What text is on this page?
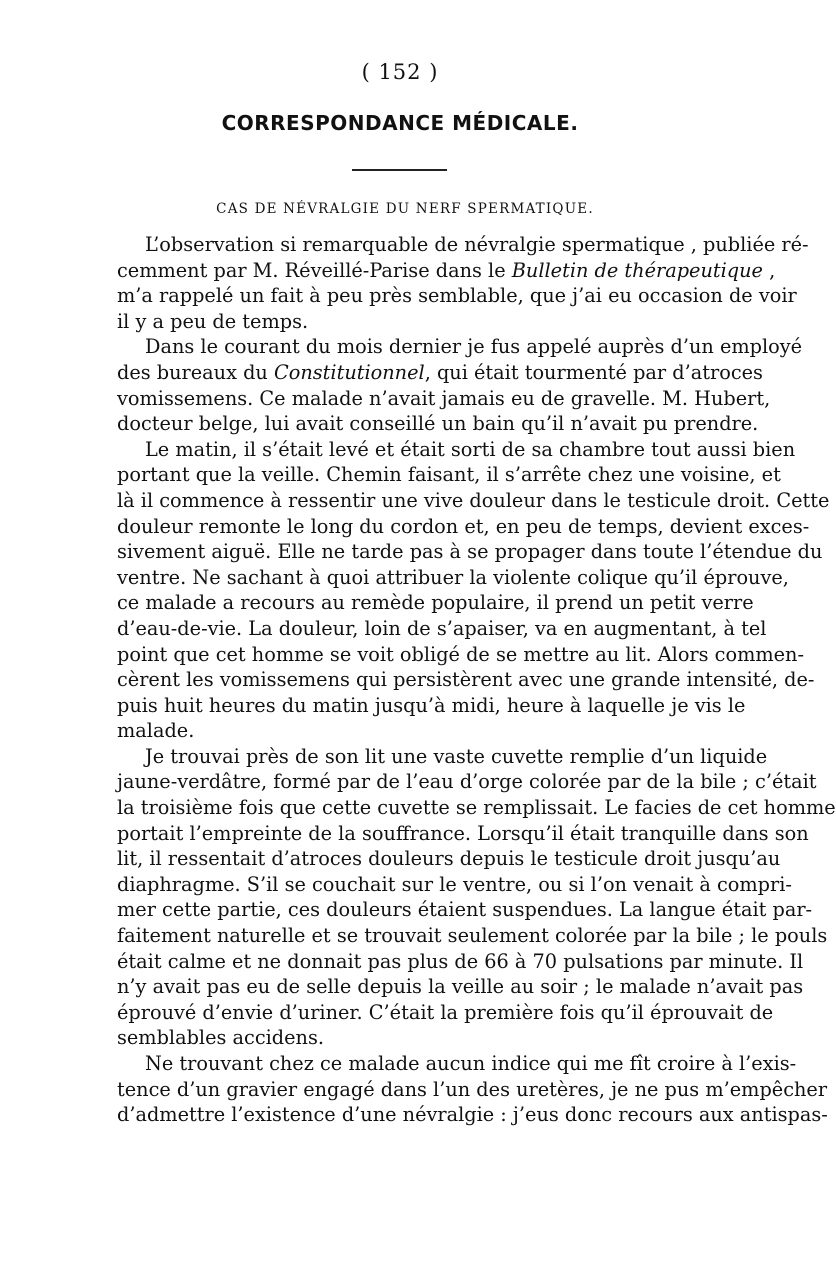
( 152 )
CORRESPONDANCE MÉDICALE.
CAS DE NÉVRALGIE DU NERF SPERMATIQUE.
L’observation si remarquable de névralgie spermatique , publiée ré-
cemment par M. Réveillé-Parise dans le Bulletin de thérapeutique ,
m’a rappelé un fait à peu près semblable, que j’ai eu occasion de voir
il y a peu de temps.
Dans le courant du mois dernier je fus appelé auprès d’un employé
des bureaux du Constitutionnel, qui était tourmenté par d’atroces
vomissemens. Ce malade n’avait jamais eu de gravelle. M. Hubert,
docteur belge, lui avait conseillé un bain qu’il n’avait pu prendre.
Le matin, il s’était levé et était sorti de sa chambre tout aussi bien
portant que la veille. Chemin faisant, il s’arrête chez une voisine, et
là il commence à ressentir une vive douleur dans le testicule droit. Cette
douleur remonte le long du cordon et, en peu de temps, devient exces-
sivement aiguë. Elle ne tarde pas à se propager dans toute l’étendue du
ventre. Ne sachant à quoi attribuer la violente colique qu’il éprouve,
ce malade a recours au remède populaire, il prend un petit verre
d’eau-de-vie. La douleur, loin de s’apaiser, va en augmentant, à tel
point que cet homme se voit obligé de se mettre au lit. Alors commen-
cèrent les vomissemens qui persistèrent avec une grande intensité, de-
puis huit heures du matin jusqu’à midi, heure à laquelle je vis le
malade.
Je trouvai près de son lit une vaste cuvette remplie d’un liquide
jaune-verdâtre, formé par de l’eau d’orge colorée par de la bile ; c’était
la troisième fois que cette cuvette se remplissait. Le facies de cet homme
portait l’empreinte de la souffrance. Lorsqu’il était tranquille dans son
lit, il ressentait d’atroces douleurs depuis le testicule droit jusqu’au
diaphragme. S’il se couchait sur le ventre, ou si l’on venait à compri-
mer cette partie, ces douleurs étaient suspendues. La langue était par-
faitement naturelle et se trouvait seulement colorée par la bile ; le pouls
était calme et ne donnait pas plus de 66 à 70 pulsations par minute. Il
n’y avait pas eu de selle depuis la veille au soir ; le malade n’avait pas
éprouvé d’envie d’uriner. C’était la première fois qu’il éprouvait de
semblables accidens.
Ne trouvant chez ce malade aucun indice qui me fît croire à l’exis-
tence d’un gravier engagé dans l’un des uretères, je ne pus m’empêcher
d’admettre l’existence d’une névralgie : j’eus donc recours aux antispas-
